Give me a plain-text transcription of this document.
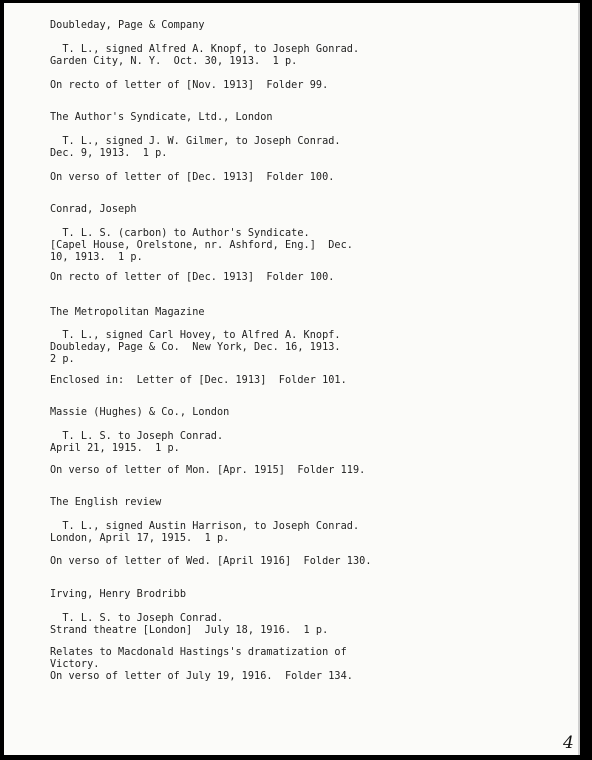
Doubleday, Page & Company
T. L., signed Alfred A. Knopf, to Joseph Gonrad.
Garden City, N. Y.  Oct. 30, 1913.  1 p.
On recto of letter of [Nov. 1913]  Folder 99.
The Author's Syndicate, Ltd., London
T. L., signed J. W. Gilmer, to Joseph Conrad.
Dec. 9, 1913.  1 p.
On verso of letter of [Dec. 1913]  Folder 100.
Conrad, Joseph
T. L. S. (carbon) to Author's Syndicate.
[Capel House, Orelstone, nr. Ashford, Eng.]  Dec.
10, 1913.  1 p.
On recto of letter of [Dec. 1913]  Folder 100.
The Metropolitan Magazine
T. L., signed Carl Hovey, to Alfred A. Knopf.
Doubleday, Page & Co.  New York, Dec. 16, 1913.
2 p.
Enclosed in:  Letter of [Dec. 1913]  Folder 101.
Massie (Hughes) & Co., London
T. L. S. to Joseph Conrad.
April 21, 1915.  1 p.
On verso of letter of Mon. [Apr. 1915]  Folder 119.
The English review
T. L., signed Austin Harrison, to Joseph Conrad.
London, April 17, 1915.  1 p.
On verso of letter of Wed. [April 1916]  Folder 130.
Irving, Henry Brodribb
T. L. S. to Joseph Conrad.
Strand theatre [London]  July 18, 1916.  1 p.
Relates to Macdonald Hastings's dramatization of
Victory.
On verso of letter of July 19, 1916.  Folder 134.
4
